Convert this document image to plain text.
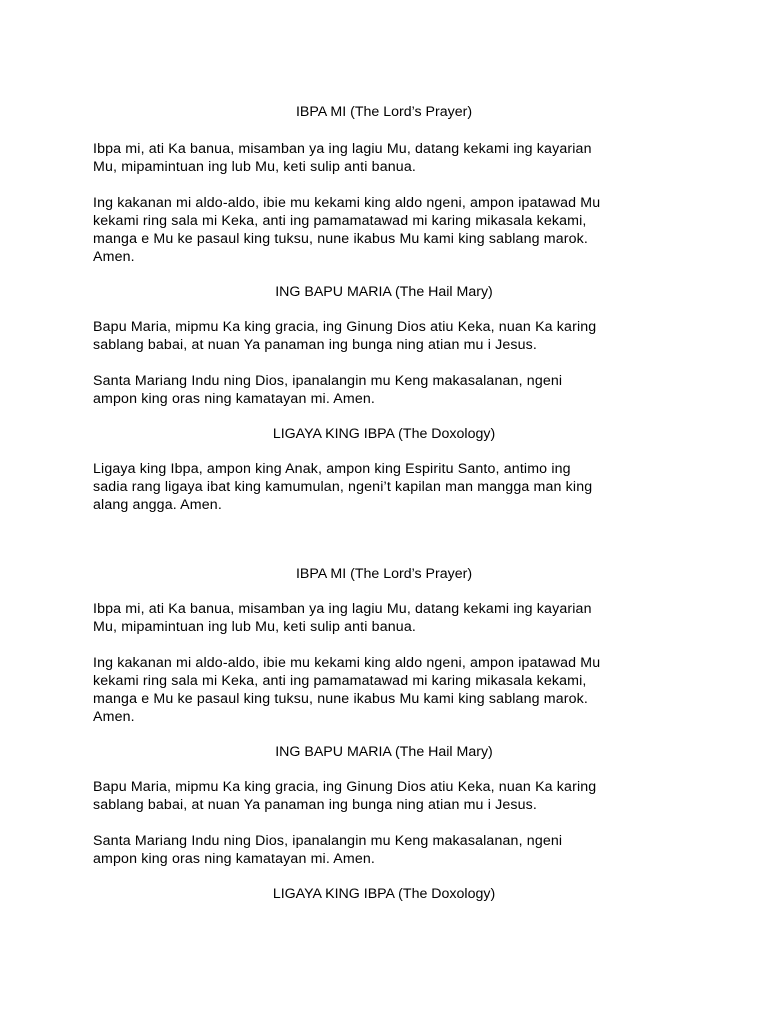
IBPA MI (The Lord’s Prayer)
Ibpa mi, ati Ka banua, misamban ya ing lagiu Mu, datang kekami ing kayarian
Mu, mipamintuan ing lub Mu, keti sulip anti banua.
Ing kakanan mi aldo-aldo, ibie mu kekami king aldo ngeni, ampon ipatawad Mu
kekami ring sala mi Keka, anti ing pamamatawad mi karing mikasala kekami,
manga e Mu ke pasaul king tuksu, nune ikabus Mu kami king sablang marok.
Amen.
ING BAPU MARIA (The Hail Mary)
Bapu Maria, mipmu Ka king gracia, ing Ginung Dios atiu Keka, nuan Ka karing
sablang babai, at nuan Ya panaman ing bunga ning atian mu i Jesus.
Santa Mariang Indu ning Dios, ipanalangin mu Keng makasalanan, ngeni
ampon king oras ning kamatayan mi. Amen.
LIGAYA KING IBPA (The Doxology)
Ligaya king Ibpa, ampon king Anak, ampon king Espiritu Santo, antimo ing
sadia rang ligaya ibat king kamumulan, ngeni’t kapilan man mangga man king
alang angga. Amen.
IBPA MI (The Lord’s Prayer)
Ibpa mi, ati Ka banua, misamban ya ing lagiu Mu, datang kekami ing kayarian
Mu, mipamintuan ing lub Mu, keti sulip anti banua.
Ing kakanan mi aldo-aldo, ibie mu kekami king aldo ngeni, ampon ipatawad Mu
kekami ring sala mi Keka, anti ing pamamatawad mi karing mikasala kekami,
manga e Mu ke pasaul king tuksu, nune ikabus Mu kami king sablang marok.
Amen.
ING BAPU MARIA (The Hail Mary)
Bapu Maria, mipmu Ka king gracia, ing Ginung Dios atiu Keka, nuan Ka karing
sablang babai, at nuan Ya panaman ing bunga ning atian mu i Jesus.
Santa Mariang Indu ning Dios, ipanalangin mu Keng makasalanan, ngeni
ampon king oras ning kamatayan mi. Amen.
LIGAYA KING IBPA (The Doxology)
